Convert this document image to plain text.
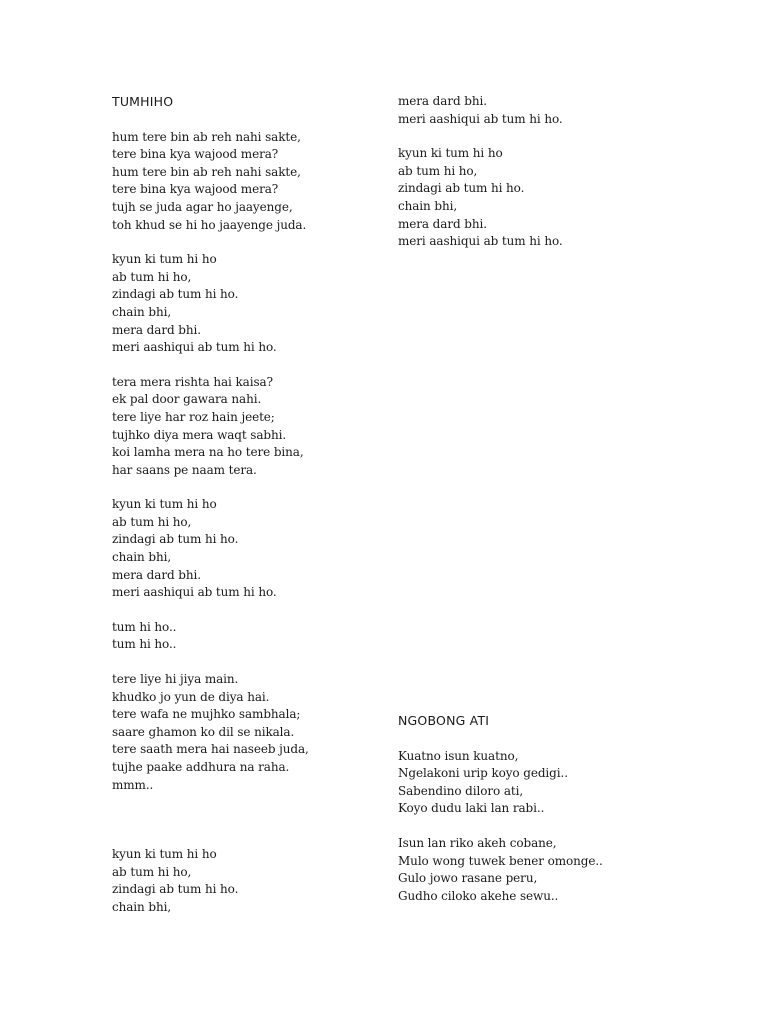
TUMHIHO
hum tere bin ab reh nahi sakte,
tere bina kya wajood mera?
hum tere bin ab reh nahi sakte,
tere bina kya wajood mera?
tujh se juda agar ho jaayenge,
toh khud se hi ho jaayenge juda.
kyun ki tum hi ho
ab tum hi ho,
zindagi ab tum hi ho.
chain bhi,
mera dard bhi.
meri aashiqui ab tum hi ho.
tera mera rishta hai kaisa?
ek pal door gawara nahi.
tere liye har roz hain jeete;
tujhko diya mera waqt sabhi.
koi lamha mera na ho tere bina,
har saans pe naam tera.
kyun ki tum hi ho
ab tum hi ho,
zindagi ab tum hi ho.
chain bhi,
mera dard bhi.
meri aashiqui ab tum hi ho.
tum hi ho..
tum hi ho..
tere liye hi jiya main.
khudko jo yun de diya hai.
tere wafa ne mujhko sambhala;
saare ghamon ko dil se nikala.
tere saath mera hai naseeb juda,
tujhe paake addhura na raha.
mmm..
kyun ki tum hi ho
ab tum hi ho,
zindagi ab tum hi ho.
chain bhi,
mera dard bhi.
meri aashiqui ab tum hi ho.
kyun ki tum hi ho
ab tum hi ho,
zindagi ab tum hi ho.
chain bhi,
mera dard bhi.
meri aashiqui ab tum hi ho.
NGOBONG ATI
Kuatno isun kuatno,
Ngelakoni urip koyo gedigi..
Sabendino diloro ati,
Koyo dudu laki lan rabi..
Isun lan riko akeh cobane,
Mulo wong tuwek bener omonge..
Gulo jowo rasane peru,
Gudho ciloko akehe sewu..
